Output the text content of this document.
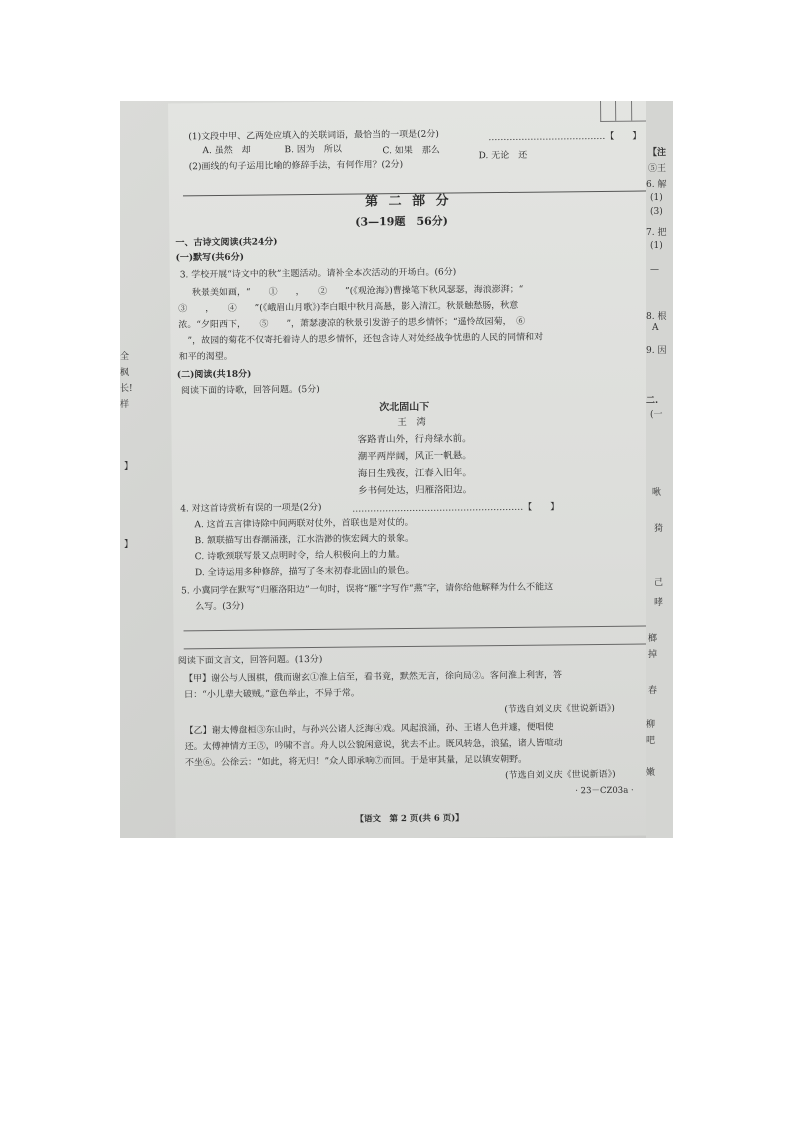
(1)文段中甲、乙两处应填入的关联词语，最恰当的一项是(2分)	…………………………………【　　】
A. 虽然　却	B. 因为　所以	C. 如果　那么	D. 无论　还
(2)画线的句子运用比喻的修辞手法，有何作用？(2分)
第 二 部 分
(3—19题　56分)
一、古诗文阅读(共24分)
(一)默写(共6分)
3. 学校开展“诗文中的秋”主题活动。请补全本次活动的开场白。(6分)
秋景美如画，“　　①　　，　　②　　”(《观沧海》)曹操笔下秋风瑟瑟，海浪澎湃；“　　
③　　，　　④　　”(《峨眉山月歌》)李白眼中秋月高悬，影入清江。秋景触愁肠，秋意
浓。“夕阳西下，　　⑤　　”，萧瑟凄凉的秋景引发游子的思乡情怀；“遥怜故园菊，　⑥
　”，故园的菊花不仅寄托着诗人的思乡情怀，还包含诗人对处经战争忧患的人民的同情和对
和平的渴望。
(二)阅读(共18分)
阅读下面的诗歌，回答问题。(5分)
次北固山下
王　湾
客路青山外，行舟绿水前。
潮平两岸阔，风正一帆悬。
海日生残夜，江春入旧年。
乡书何处达，归雁洛阳边。
4. 对这首诗赏析有误的一项是(2分)	…………………………………………………【　　】
A. 这首五言律诗除中间两联对仗外，首联也是对仗的。
B. 颔联描写出春潮涌涨，江水浩渺的恢宏阔大的景象。
C. 诗歌颈联写景又点明时令，给人积极向上的力量。
D. 全诗运用多种修辞，描写了冬末初春北固山的景色。
5. 小冀同学在默写“归雁洛阳边”一句时，误将“雁”字写作“燕”字，请你给他解释为什么不能这
么写。(3分)
阅读下面文言文，回答问题。(13分)
【甲】谢公与人围棋，俄而谢玄①淮上信至，看书竟，默然无言，徐向局②。客问淮上利害，答
曰：“小儿辈大破贼。”意色举止，不异于常。
(节选自刘义庆《世说新语》)
【乙】谢太傅盘桓③东山时，与孙兴公诸人泛海④戏。风起浪涌，孙、王诸人色并遽，便唱使
还。太傅神情方王⑤，吟啸不言。舟人以公貌闲意说，犹去不止。既风转急，浪猛，诸人皆喧动
不坐⑥。公徐云：“如此，将无归！”众人即承响⑦而回。于是审其量，足以镇安朝野。
(节选自刘义庆《世说新语》)
· 23－CZ03a ·
【语文　第 2 页(共 6 页)】
全
枫
长!
样
】
】
【注
⑤王
6. 解
(1)
(3)
7. 把
(1)
—
8. 根
A
9. 因
二.
(一
啾
猗
己
哮
榔
掉
春
柳
吧
嫩
